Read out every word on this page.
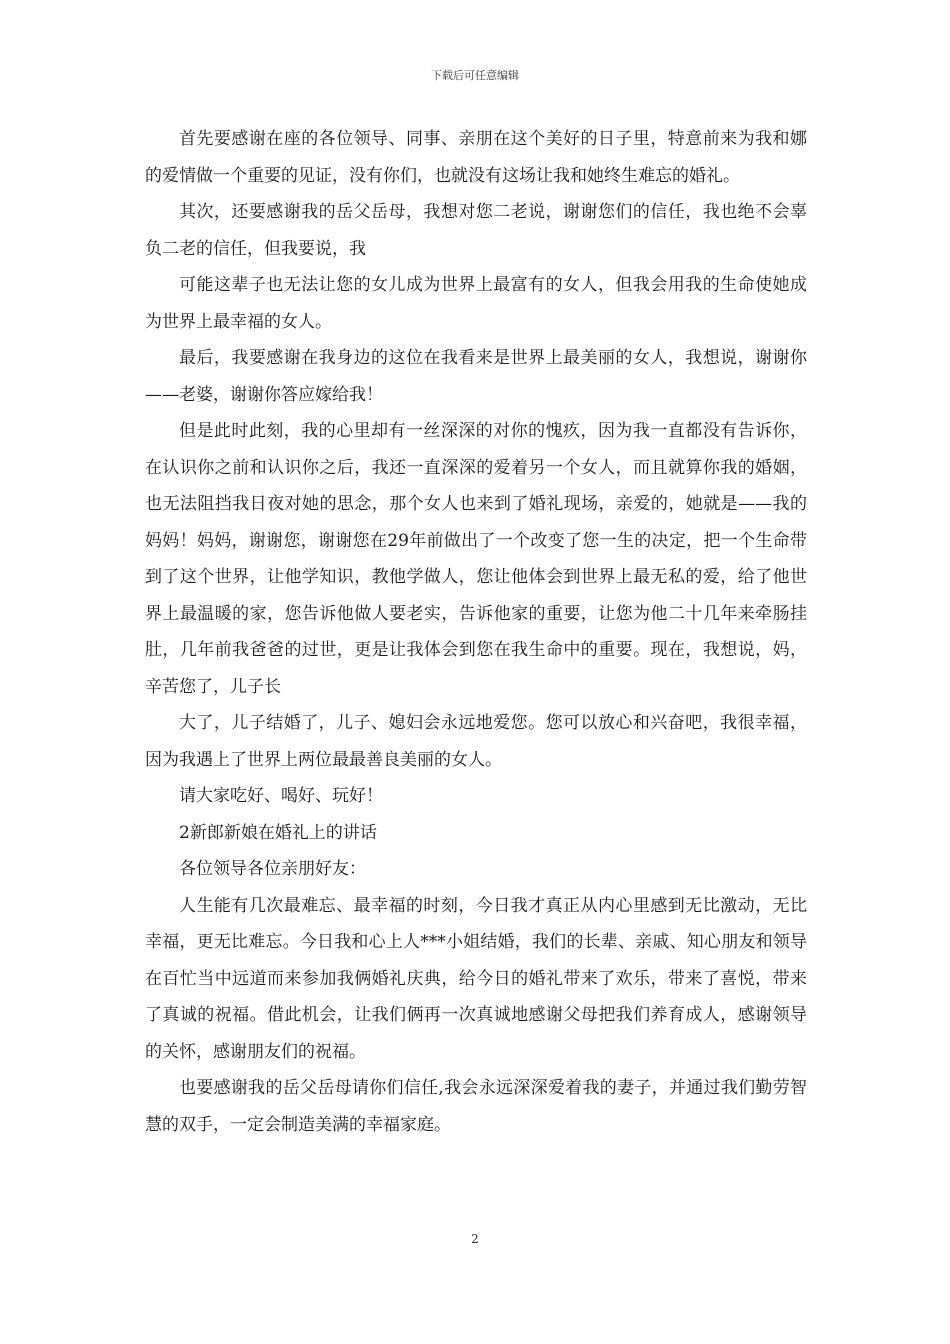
下载后可任意编辑

首先要感谢在座的各位领导、同事、亲朋在这个美好的日子里，特意前来为我和娜的爱情做一个重要的见证，没有你们，也就没有这场让我和她终生难忘的婚礼。

其次，还要感谢我的岳父岳母，我想对您二老说，谢谢您们的信任，我也绝不会辜负二老的信任，但我要说，我

可能这辈子也无法让您的女儿成为世界上最富有的女人，但我会用我的生命使她成为世界上最幸福的女人。

最后，我要感谢在我身边的这位在我看来是世界上最美丽的女人，我想说，谢谢你——老婆，谢谢你答应嫁给我！

但是此时此刻，我的心里却有一丝深深的对你的愧疚，因为我一直都没有告诉你，在认识你之前和认识你之后，我还一直深深的爱着另一个女人，而且就算你我的婚姻，也无法阻挡我日夜对她的思念，那个女人也来到了婚礼现场，亲爱的，她就是——我的妈妈！妈妈，谢谢您，谢谢您在29年前做出了一个改变了您一生的决定，把一个生命带到了这个世界，让他学知识，教他学做人，您让他体会到世界上最无私的爱，给了他世界上最温暖的家，您告诉他做人要老实，告诉他家的重要，让您为他二十几年来牵肠挂肚，几年前我爸爸的过世，更是让我体会到您在我生命中的重要。现在，我想说，妈，辛苦您了，儿子长

大了，儿子结婚了，儿子、媳妇会永远地爱您。您可以放心和兴奋吧，我很幸福，因为我遇上了世界上两位最最善良美丽的女人。

请大家吃好、喝好、玩好！

2新郎新娘在婚礼上的讲话

各位领导各位亲朋好友：

人生能有几次最难忘、最幸福的时刻，今日我才真正从内心里感到无比激动，无比幸福，更无比难忘。今日我和心上人***小姐结婚，我们的长辈、亲戚、知心朋友和领导在百忙当中远道而来参加我俩婚礼庆典，给今日的婚礼带来了欢乐，带来了喜悦，带来了真诚的祝福。借此机会，让我们俩再一次真诚地感谢父母把我们养育成人，感谢领导的关怀，感谢朋友们的祝福。

也要感谢我的岳父岳母请你们信任,我会永远深深爱着我的妻子，并通过我们勤劳智慧的双手，一定会制造美满的幸福家庭。

2
